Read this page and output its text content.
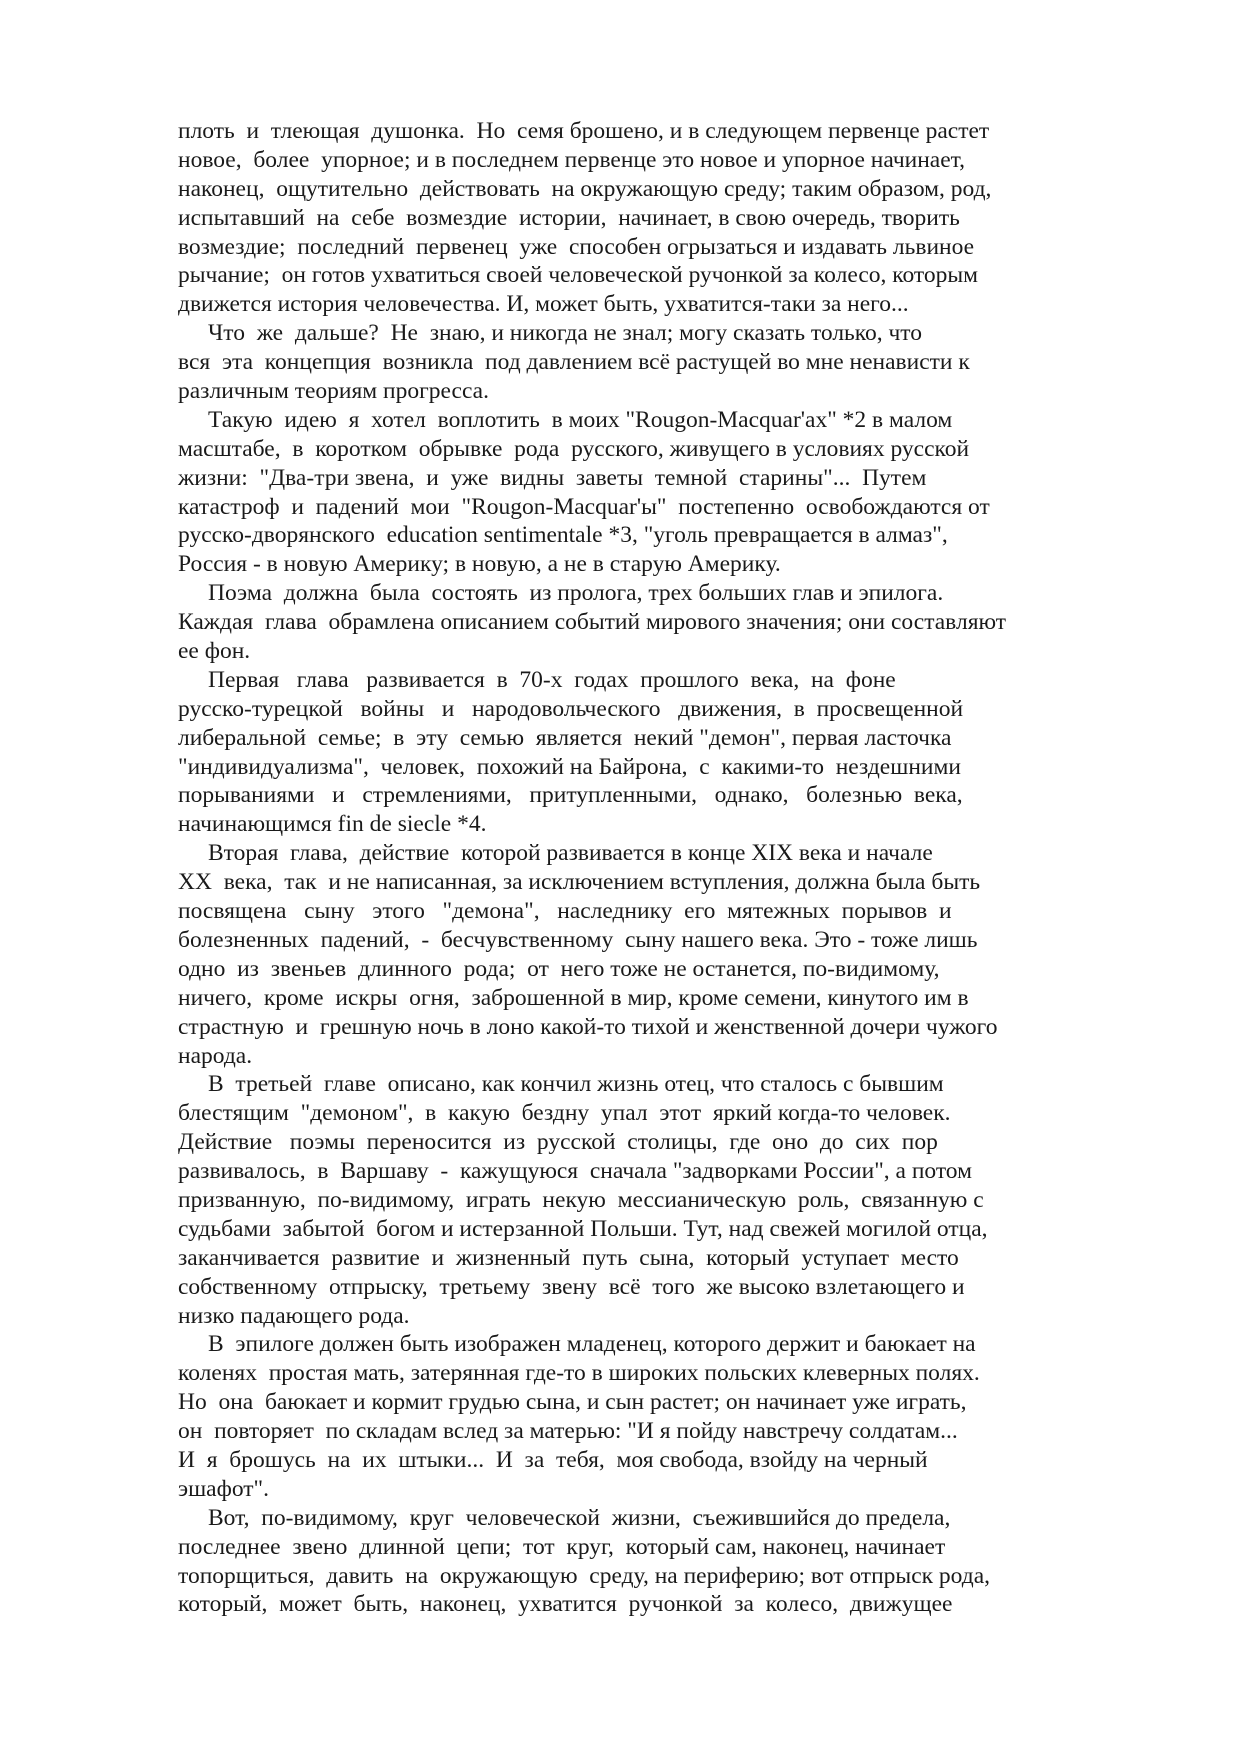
плоть  и  тлеющая  душонка.  Но  семя брошено, и в следующем первенце растет
новое,  более  упорное; и в последнем первенце это новое и упорное начинает,
наконец,  ощутительно  действовать  на окружающую среду; таким образом, род,
испытавший  на  себе  возмездие  истории,  начинает, в свою очередь, творить
возмездие;  последний  первенец  уже  способен огрызаться и издавать львиное
рычание;  он готов ухватиться своей человеческой ручонкой за колесо, которым
движется история человечества. И, может быть, ухватится-таки за него...
Что  же  дальше?  Не  знаю, и никогда не знал; могу сказать только, что
вся  эта  концепция  возникла  под давлением всё растущей во мне ненависти к
различным теориям прогресса.
Такую  идею  я  хотел  воплотить  в моих "Rougon-Macquar'ах" *2 в малом
масштабе,  в  коротком  обрывке  рода  русского, живущего в условиях русской
жизни:  "Два-три звена,  и  уже  видны  заветы  темной  старины"...  Путем
катастроф  и  падений  мои  "Rougon-Macquar'ы"  постепенно  освобождаются от
русско-дворянского  education sentimentale *3, "уголь превращается в алмаз",
Россия - в новую Америку; в новую, а не в старую Америку.
Поэма  должна  была  состоять  из пролога, трех больших глав и эпилога.
Каждая  глава  обрамлена описанием событий мирового значения; они составляют
ее фон.
Первая   глава   развивается  в  70-х  годах  прошлого  века,  на  фоне
русско-турецкой   войны   и   народовольческого   движения,  в  просвещенной
либеральной  семье;  в  эту  семью  является  некий "демон", первая ласточка
"индивидуализма",  человек,  похожий на Байрона,  с  какими-то  нездешними
порываниями   и   стремлениями,   притупленными,   однако,   болезнью  века,
начинающимся fin de siecle *4.
Вторая  глава,  действие  которой развивается в конце XIX века и начале
XX  века,  так  и не написанная, за исключением вступления, должна была быть
посвящена   сыну   этого   "демона",   наследнику  его  мятежных  порывов  и
болезненных  падений,  -  бесчувственному  сыну нашего века. Это - тоже лишь
одно  из  звеньев  длинного  рода;  от  него тоже не останется, по-видимому,
ничего,  кроме  искры  огня,  заброшенной в мир, кроме семени, кинутого им в
страстную  и  грешную ночь в лоно какой-то тихой и женственной дочери чужого
народа.
В  третьей  главе  описано, как кончил жизнь отец, что сталось с бывшим
блестящим  "демоном",  в  какую  бездну  упал  этот  яркий когда-то человек.
Действие   поэмы  переносится  из  русской  столицы,  где  оно  до  сих  пор
развивалось,  в  Варшаву  -  кажущуюся  сначала "задворками России", а потом
призванную,  по-видимому,  играть  некую  мессианическую  роль,  связанную с
судьбами  забытой  богом и истерзанной Польши. Тут, над свежей могилой отца,
заканчивается  развитие  и  жизненный  путь  сына,  который  уступает  место
собственному  отпрыску,  третьему  звену  всё  того  же высоко взлетающего и
низко падающего рода.
В  эпилоге должен быть изображен младенец, которого держит и баюкает на
коленях  простая мать, затерянная где-то в широких польских клеверных полях.
Но  она  баюкает и кормит грудью сына, и сын растет; он начинает уже играть,
он  повторяет  по складам вслед за матерью: "И я пойду навстречу солдатам...
И  я  брошусь  на  их  штыки...  И  за  тебя,  моя свобода, взойду на черный
эшафот".
Вот,  по-видимому,  круг  человеческой  жизни,  съежившийся до предела,
последнее  звено  длинной  цепи;  тот  круг,  который сам, наконец, начинает
топорщиться,  давить  на  окружающую  среду, на периферию; вот отпрыск рода,
который,  может  быть,  наконец,  ухватится  ручонкой  за  колесо,  движущее
